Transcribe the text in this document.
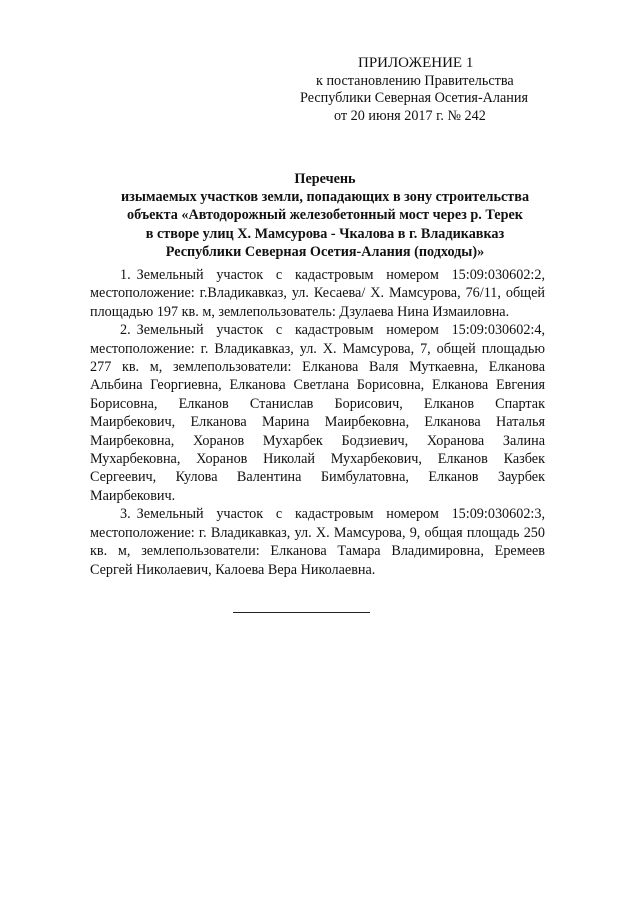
ПРИЛОЖЕНИЕ 1
к постановлению Правительства
Республики Северная Осетия-Алания
от 20 июня 2017 г. № 242
Перечень
изымаемых участков земли, попадающих в зону строительства
объекта «Автодорожный железобетонный мост через р. Терек
в створе улиц Х. Мамсурова - Чкалова в г. Владикавказ
Республики Северная Осетия-Алания (подходы)»

1. Земельный участок с кадастровым номером 15:09:030602:2, местоположение: г.Владикавказ, ул. Кесаева/ Х. Мамсурова, 76/11, общей площадью 197 кв. м, землепользователь: Дзулаева Нина Измаиловна.

2. Земельный участок с кадастровым номером 15:09:030602:4, местоположение: г. Владикавказ, ул. Х. Мамсурова, 7, общей площадью 277 кв. м, землепользователи: Елканова Валя Муткаевна, Елканова Альбина Георгиевна, Елканова Светлана Борисовна, Елканова Евгения Борисовна, Елканов Станислав Борисович, Елканов Спартак Маирбекович, Елканова Марина Маирбековна, Елканова Наталья Маирбековна, Хоранов Мухарбек Бодзиевич, Хоранова Залина Мухарбековна, Хоранов Николай Мухарбекович, Елканов Казбек Сергеевич, Кулова Валентина Бимбулатовна, Елканов Заурбек Маирбекович.

3. Земельный участок с кадастровым номером 15:09:030602:3, местоположение: г. Владикавказ, ул. Х. Мамсурова, 9, общая площадь 250 кв. м, землепользователи: Елканова Тамара Владимировна, Еремеев Сергей Николаевич, Калоева Вера Николаевна.
